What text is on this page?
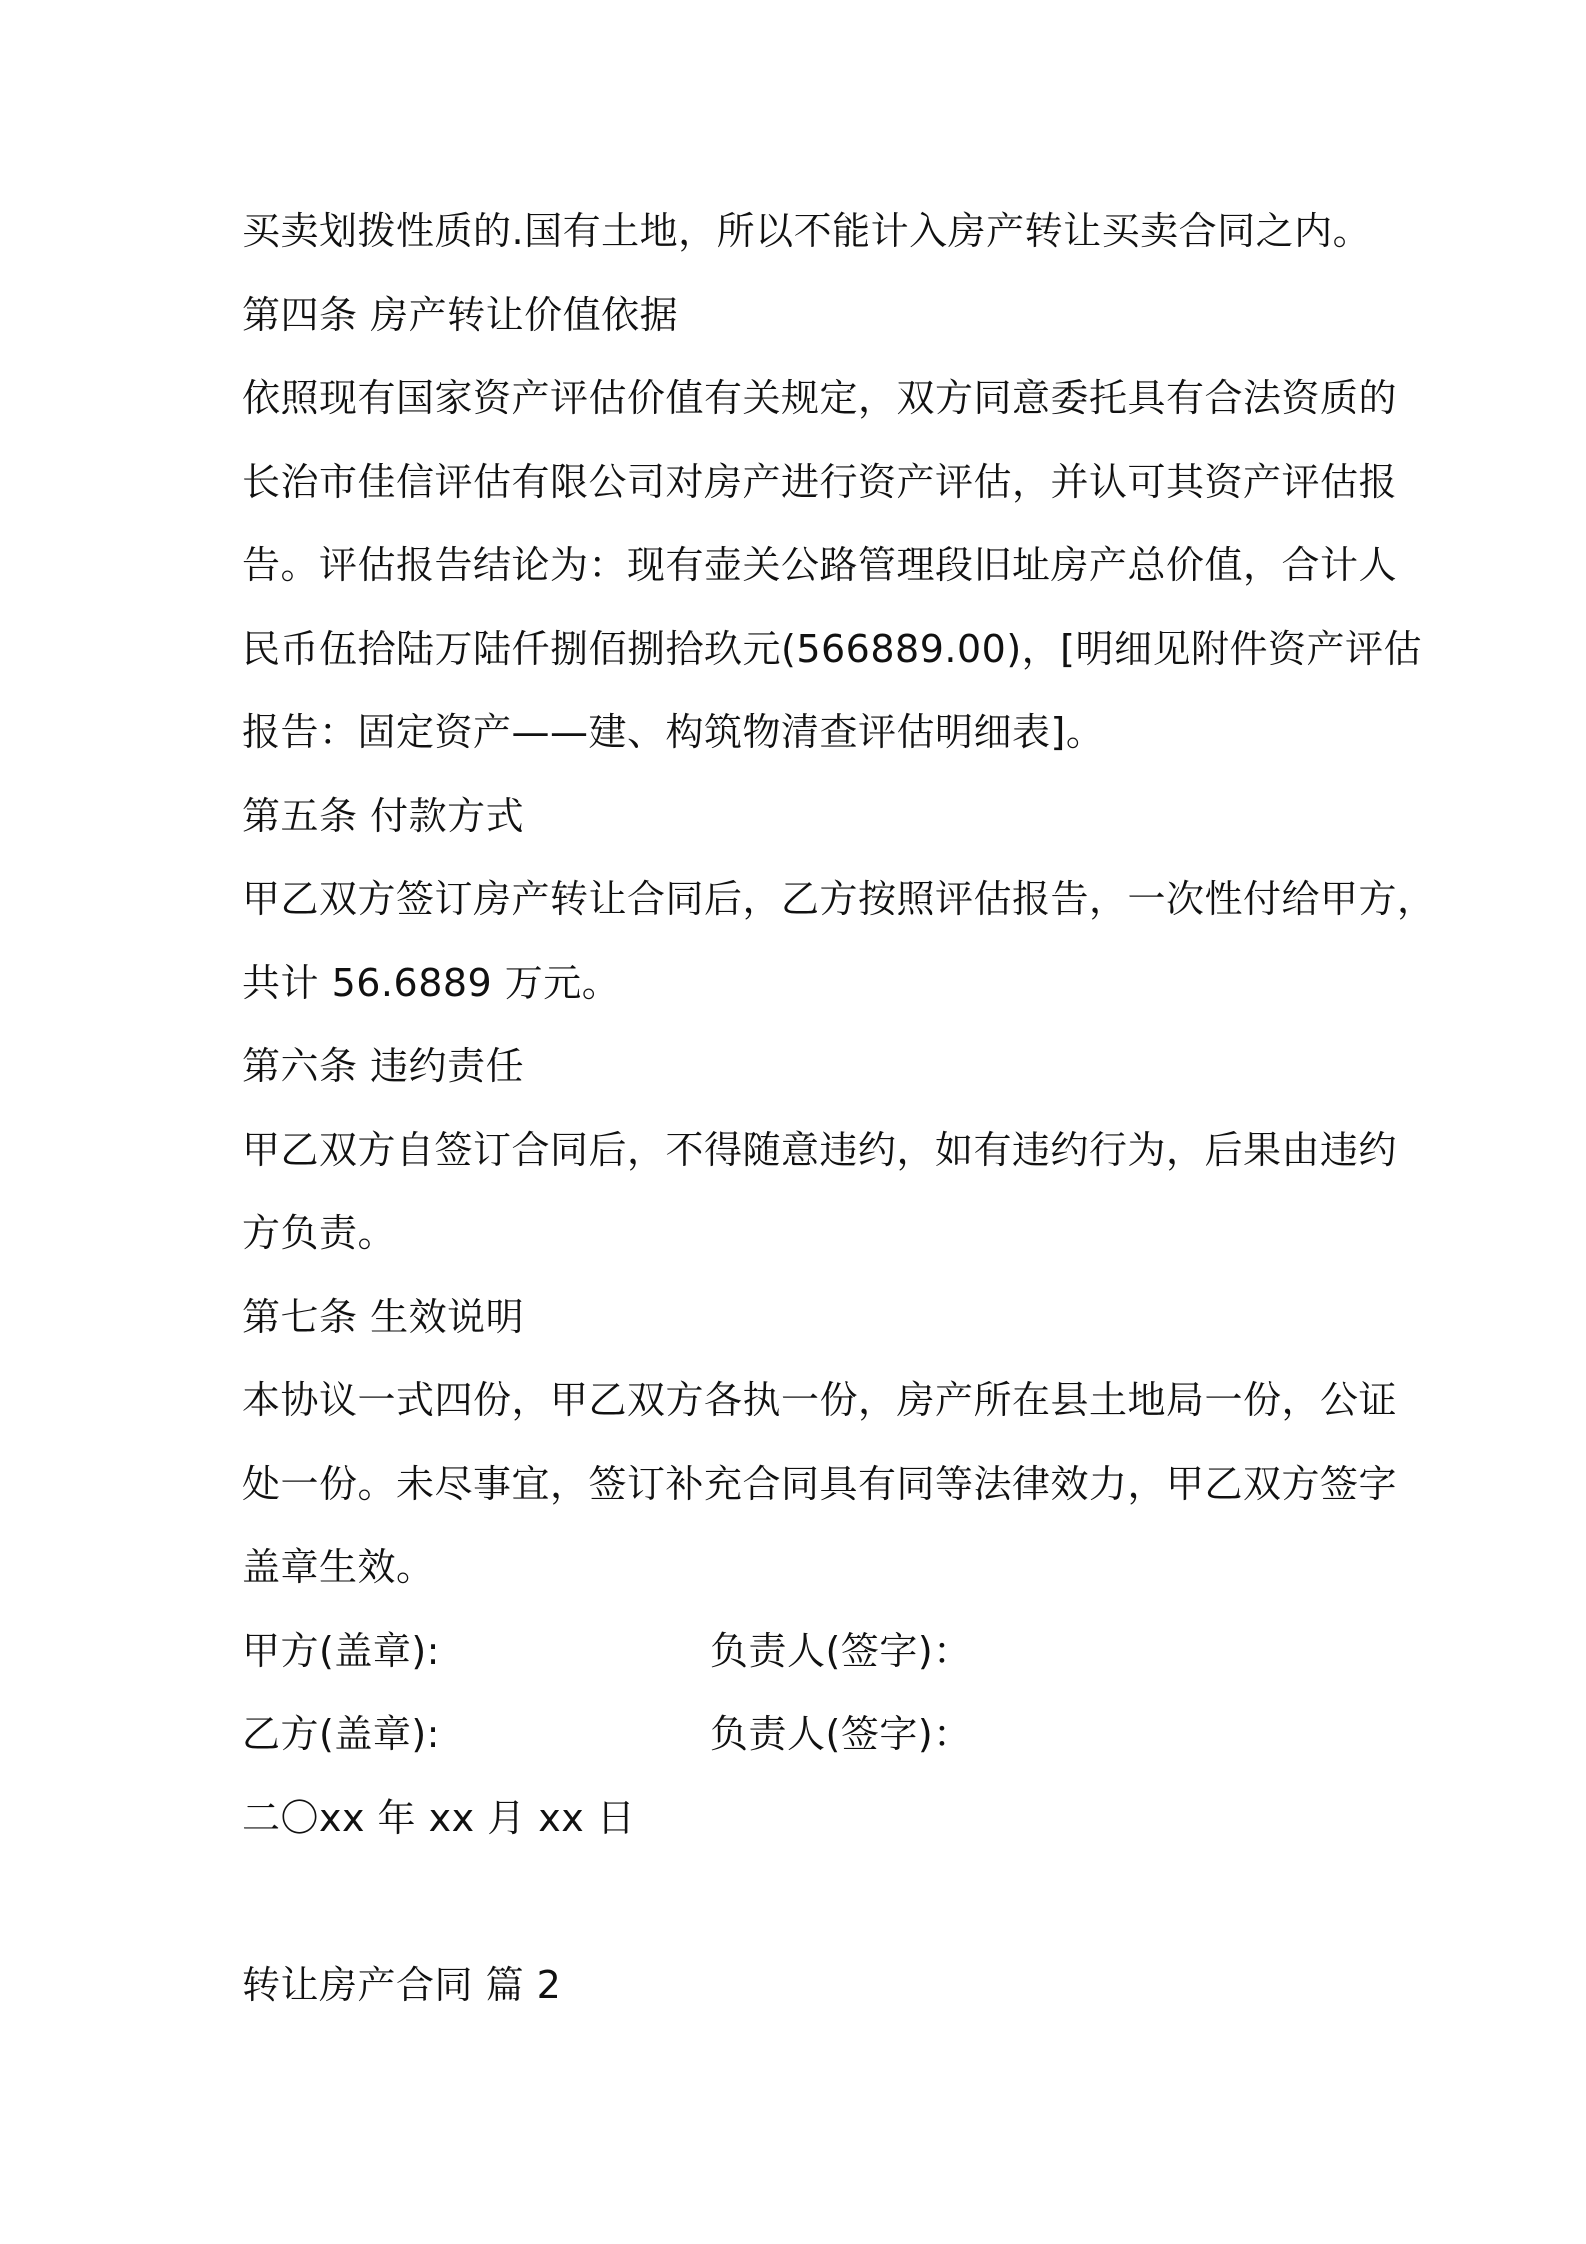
买卖划拨性质的.国有土地，所以不能计入房产转让买卖合同之内。
第四条 房产转让价值依据
依照现有国家资产评估价值有关规定，双方同意委托具有合法资质的
长治市佳信评估有限公司对房产进行资产评估，并认可其资产评估报
告。评估报告结论为：现有壶关公路管理段旧址房产总价值，合计人
民币伍拾陆万陆仟捌佰捌拾玖元(566889.00)，[明细见附件资产评估
报告：固定资产——建、构筑物清查评估明细表]。
第五条 付款方式
甲乙双方签订房产转让合同后，乙方按照评估报告，一次性付给甲方，
共计 56.6889 万元。
第六条 违约责任
甲乙双方自签订合同后，不得随意违约，如有违约行为，后果由违约
方负责。
第七条 生效说明
本协议一式四份，甲乙双方各执一份，房产所在县土地局一份，公证
处一份。未尽事宜，签订补充合同具有同等法律效力，甲乙双方签字
盖章生效。
甲方(盖章):	负责人(签字)：
乙方(盖章):	负责人(签字)：
二〇xx 年 xx 月 xx 日
转让房产合同 篇 2
